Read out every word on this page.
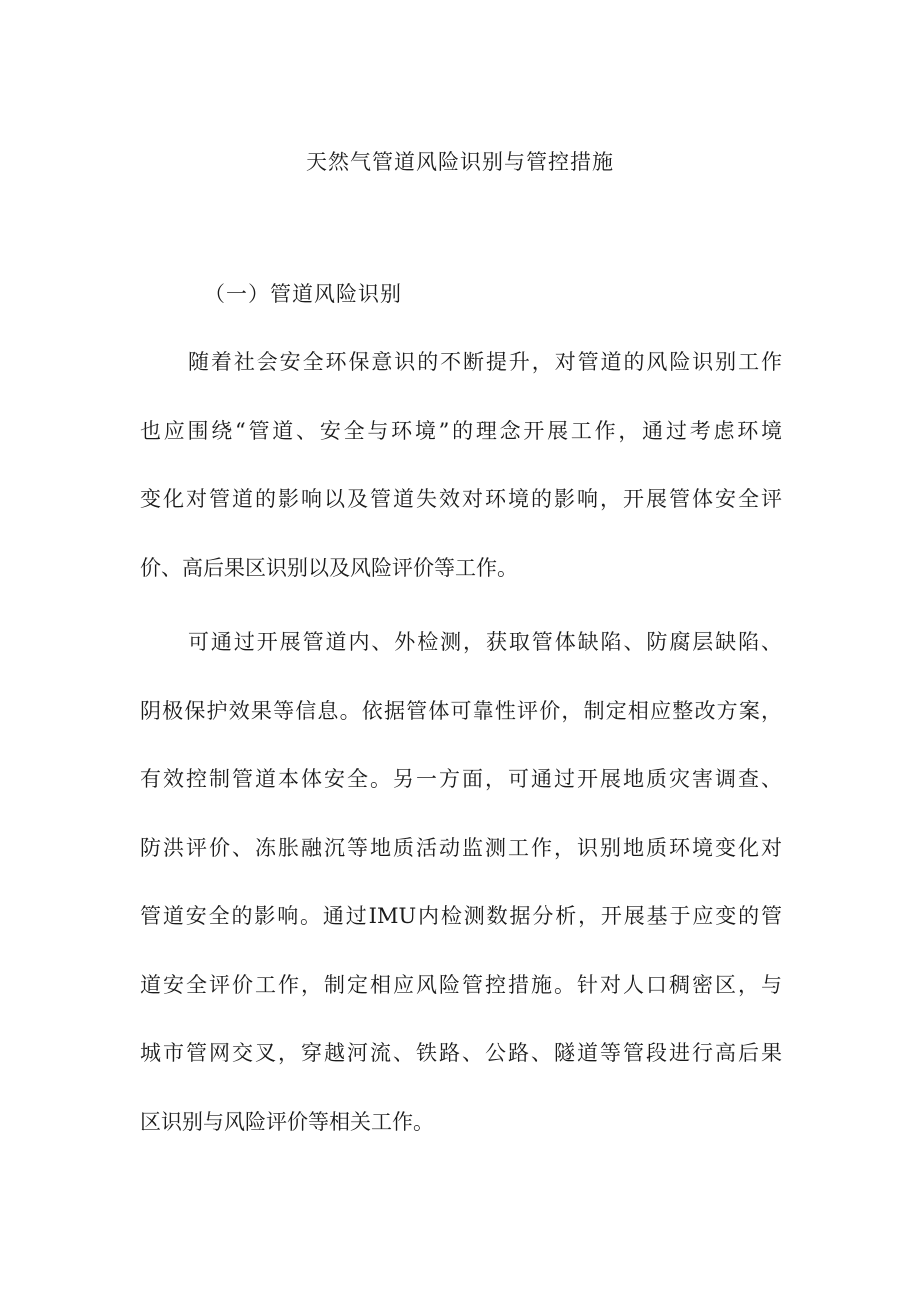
天然气管道风险识别与管控措施
（一）管道风险识别
随着社会安全环保意识的不断提升，对管道的风险识别工作
也应围绕“管道、安全与环境”的理念开展工作，通过考虑环境
变化对管道的影响以及管道失效对环境的影响，开展管体安全评
价、高后果区识别以及风险评价等工作。
可通过开展管道内、外检测，获取管体缺陷、防腐层缺陷、
阴极保护效果等信息。依据管体可靠性评价，制定相应整改方案，
有效控制管道本体安全。另一方面，可通过开展地质灾害调查、
防洪评价、冻胀融沉等地质活动监测工作，识别地质环境变化对
管道安全的影响。通过IMU内检测数据分析，开展基于应变的管
道安全评价工作，制定相应风险管控措施。针对人口稠密区，与
城市管网交叉，穿越河流、铁路、公路、隧道等管段进行高后果
区识别与风险评价等相关工作。
